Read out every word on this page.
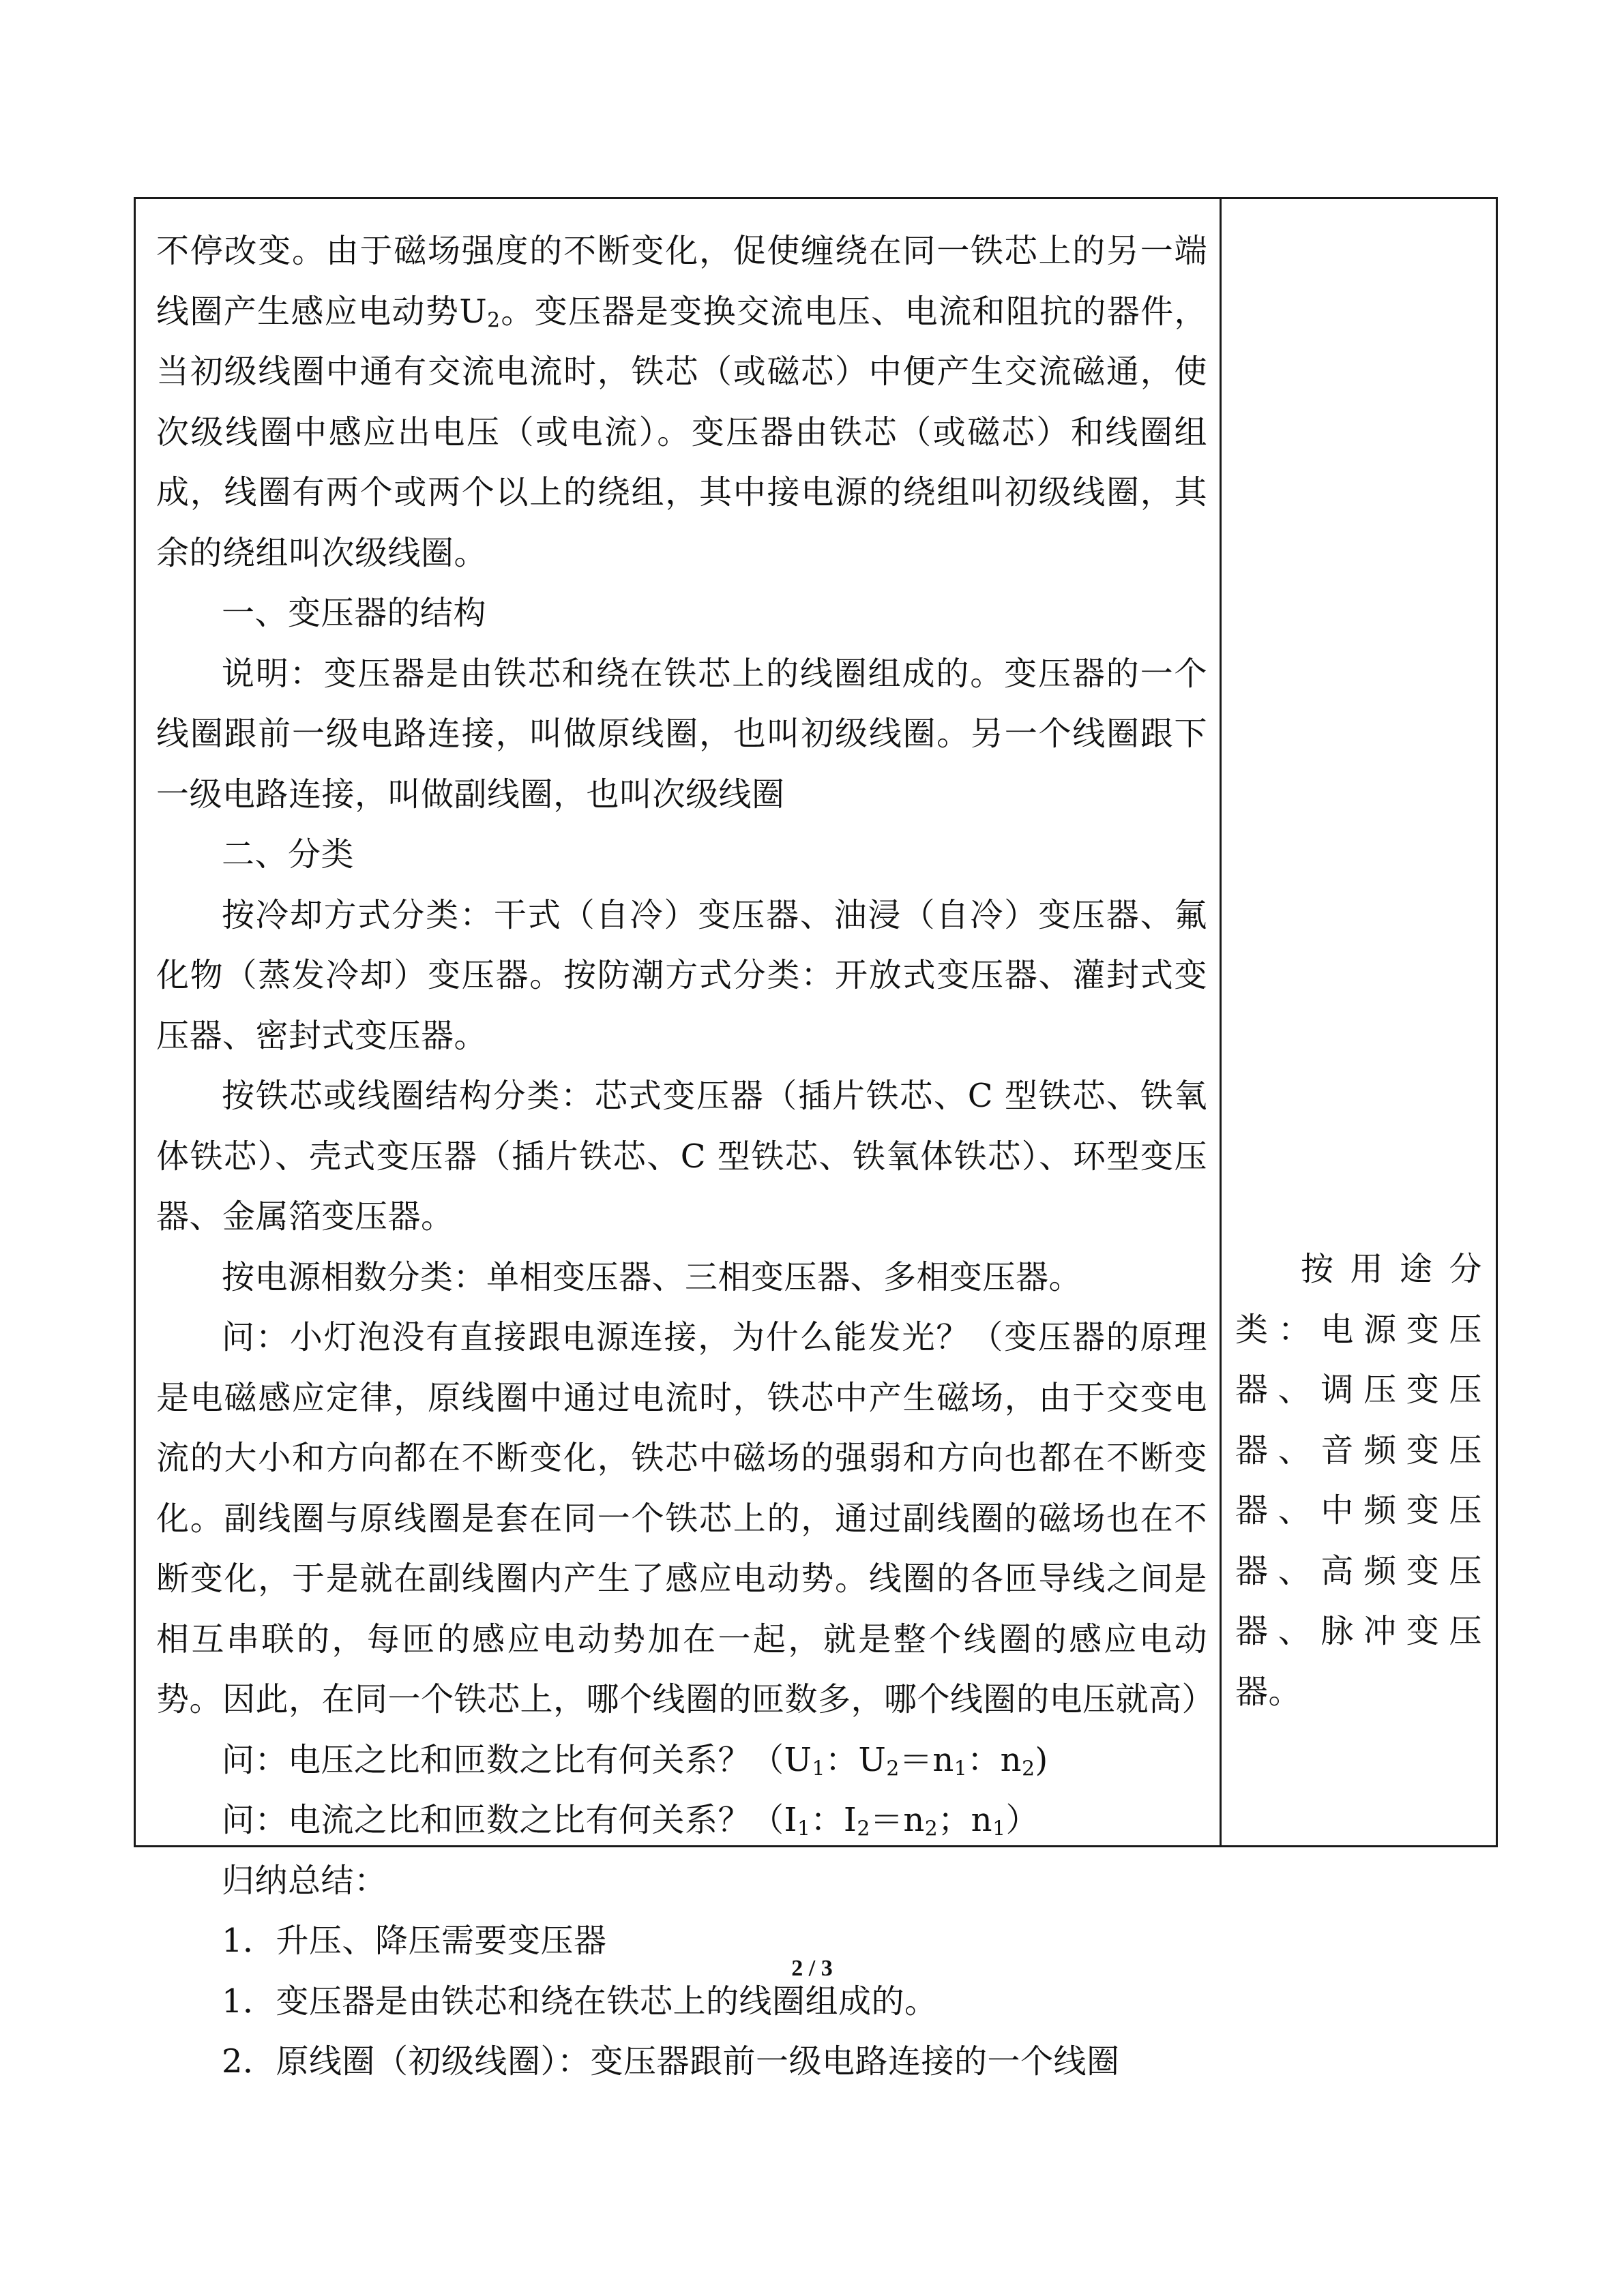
不停改变。由于磁场强度的不断变化，促使缠绕在同一铁芯上的另一端线圈产生感应电动势$U_2$。变压器是变换交流电压、电流和阻抗的器件，当初级线圈中通有交流电流时，铁芯（或磁芯）中便产生交流磁通，使次级线圈中感应出电压（或电流）。变压器由铁芯（或磁芯）和线圈组成，线圈有两个或两个以上的绕组，其中接电源的绕组叫初级线圈，其余的绕组叫次级线圈。

一、变压器的结构

说明：变压器是由铁芯和绕在铁芯上的线圈组成的。变压器的一个线圈跟前一级电路连接，叫做原线圈，也叫初级线圈。另一个线圈跟下一级电路连接，叫做副线圈，也叫次级线圈

二、分类

按冷却方式分类：干式（自冷）变压器、油浸（自冷）变压器、氟化物（蒸发冷却）变压器。按防潮方式分类：开放式变压器、灌封式变压器、密封式变压器。

按铁芯或线圈结构分类：芯式变压器（插片铁芯、C 型铁芯、铁氧体铁芯）、壳式变压器（插片铁芯、C 型铁芯、铁氧体铁芯）、环型变压器、金属箔变压器。

按电源相数分类：单相变压器、三相变压器、多相变压器。

问：小灯泡没有直接跟电源连接，为什么能发光？（变压器的原理是电磁感应定律，原线圈中通过电流时，铁芯中产生磁场，由于交变电流的大小和方向都在不断变化，铁芯中磁场的强弱和方向也都在不断变化。副线圈与原线圈是套在同一个铁芯上的，通过副线圈的磁场也在不断变化，于是就在副线圈内产生了感应电动势。线圈的各匝导线之间是相互串联的，每匝的感应电动势加在一起，就是整个线圈的感应电动势。因此，在同一个铁芯上，哪个线圈的匝数多，哪个线圈的电压就高）

问：电压之比和匝数之比有何关系？（$U_1$：$U_2=n_1$：$n_2$)

问：电流之比和匝数之比有何关系？（$I_1$：$I_2=n_2$；$n_1$）

归纳总结：

1．升压、降压需要变压器

1．变压器是由铁芯和绕在铁芯上的线圈组成的。

2．原线圈（初级线圈）：变压器跟前一级电路连接的一个线圈

按用途分类：电源变压器、调压变压器、音频变压器、中频变压器、高频变压器、脉冲变压器。

2 / 3
